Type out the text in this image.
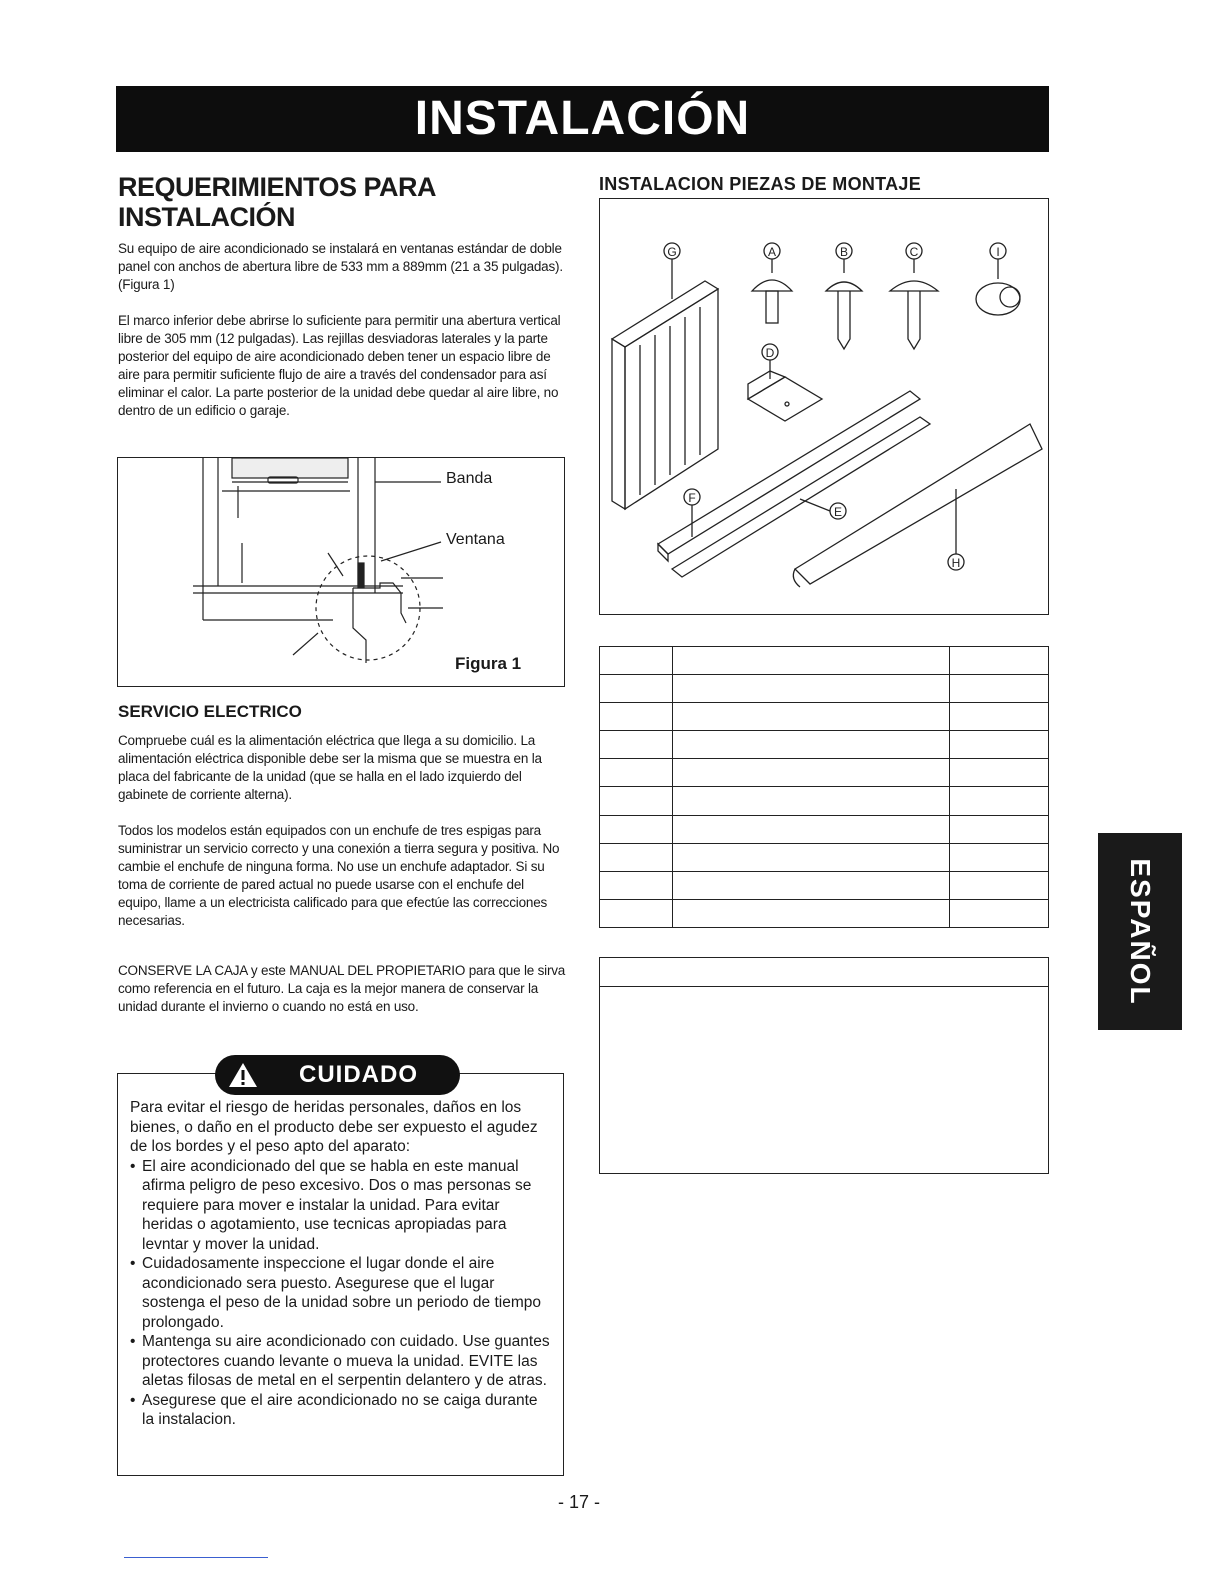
INSTALACIÓN
REQUERIMIENTOS PARA INSTALACIÓN

Su equipo de aire acondicionado se instalará en ventanas estándar de doble panel con anchos de abertura libre de 533 mm a 889mm (21 a 35 pulgadas). (Figura 1)

El marco inferior debe abrirse lo suficiente para permitir una abertura vertical libre de 305 mm (12 pulgadas). Las rejillas desviadoras laterales y la parte posterior del equipo de aire acondicionado deben tener un espacio libre de aire para permitir suficiente flujo de aire a través del condensador para así eliminar el calor. La parte posterior de la unidad debe quedar al aire libre, no dentro de un edificio o garaje.

Banda
Ventana
Figura 1
SERVICIO ELECTRICO

Compruebe cuál es la alimentación eléctrica que llega a su domicilio. La alimentación eléctrica disponible debe ser la misma que se muestra en la placa del fabricante de la unidad (que se halla en el lado izquierdo del gabinete de corriente alterna).

Todos los modelos están equipados con un enchufe de tres espigas para suministrar un servicio correcto y una conexión a tierra segura y positiva. No cambie el enchufe de ninguna forma. No use un enchufe adaptador. Si su toma de corriente de pared actual no puede usarse con el enchufe del equipo, llame a un electricista calificado para que efectúe las correcciones necesarias.

CONSERVE LA CAJA y este MANUAL DEL PROPIETARIO para que le sirva como referencia en el futuro. La caja es la mejor manera de conservar la unidad durante el invierno o cuando no está en uso.

CUIDADO

Para evitar el riesgo de heridas personales, daños en los bienes, o daño en el producto debe ser expuesto el agudez de los bordes y el peso apto del aparato:

• El aire acondicionado del que se habla en este manual afirma peligro de peso excesivo. Dos o mas personas se requiere para mover e instalar la unidad. Para evitar heridas o agotamiento, use tecnicas apropiadas para levntar y mover la unidad.
• Cuidadosamente inspeccione el lugar donde el aire acondicionado sera puesto. Asegurese que el lugar sostenga el peso de la unidad sobre un periodo de tiempo prolongado.
• Mantenga su aire acondicionado con cuidado. Use guantes protectores cuando levante o mueva la unidad. EVITE las aletas filosas de metal en el serpentin delantero y de atras.
• Asegurese que el aire acondicionado no se caiga durante la instalacion.
INSTALACION PIEZAS DE MONTAJE
G	A	B	C	I
D
F
E
H

ESPAÑOL
- 17 -
